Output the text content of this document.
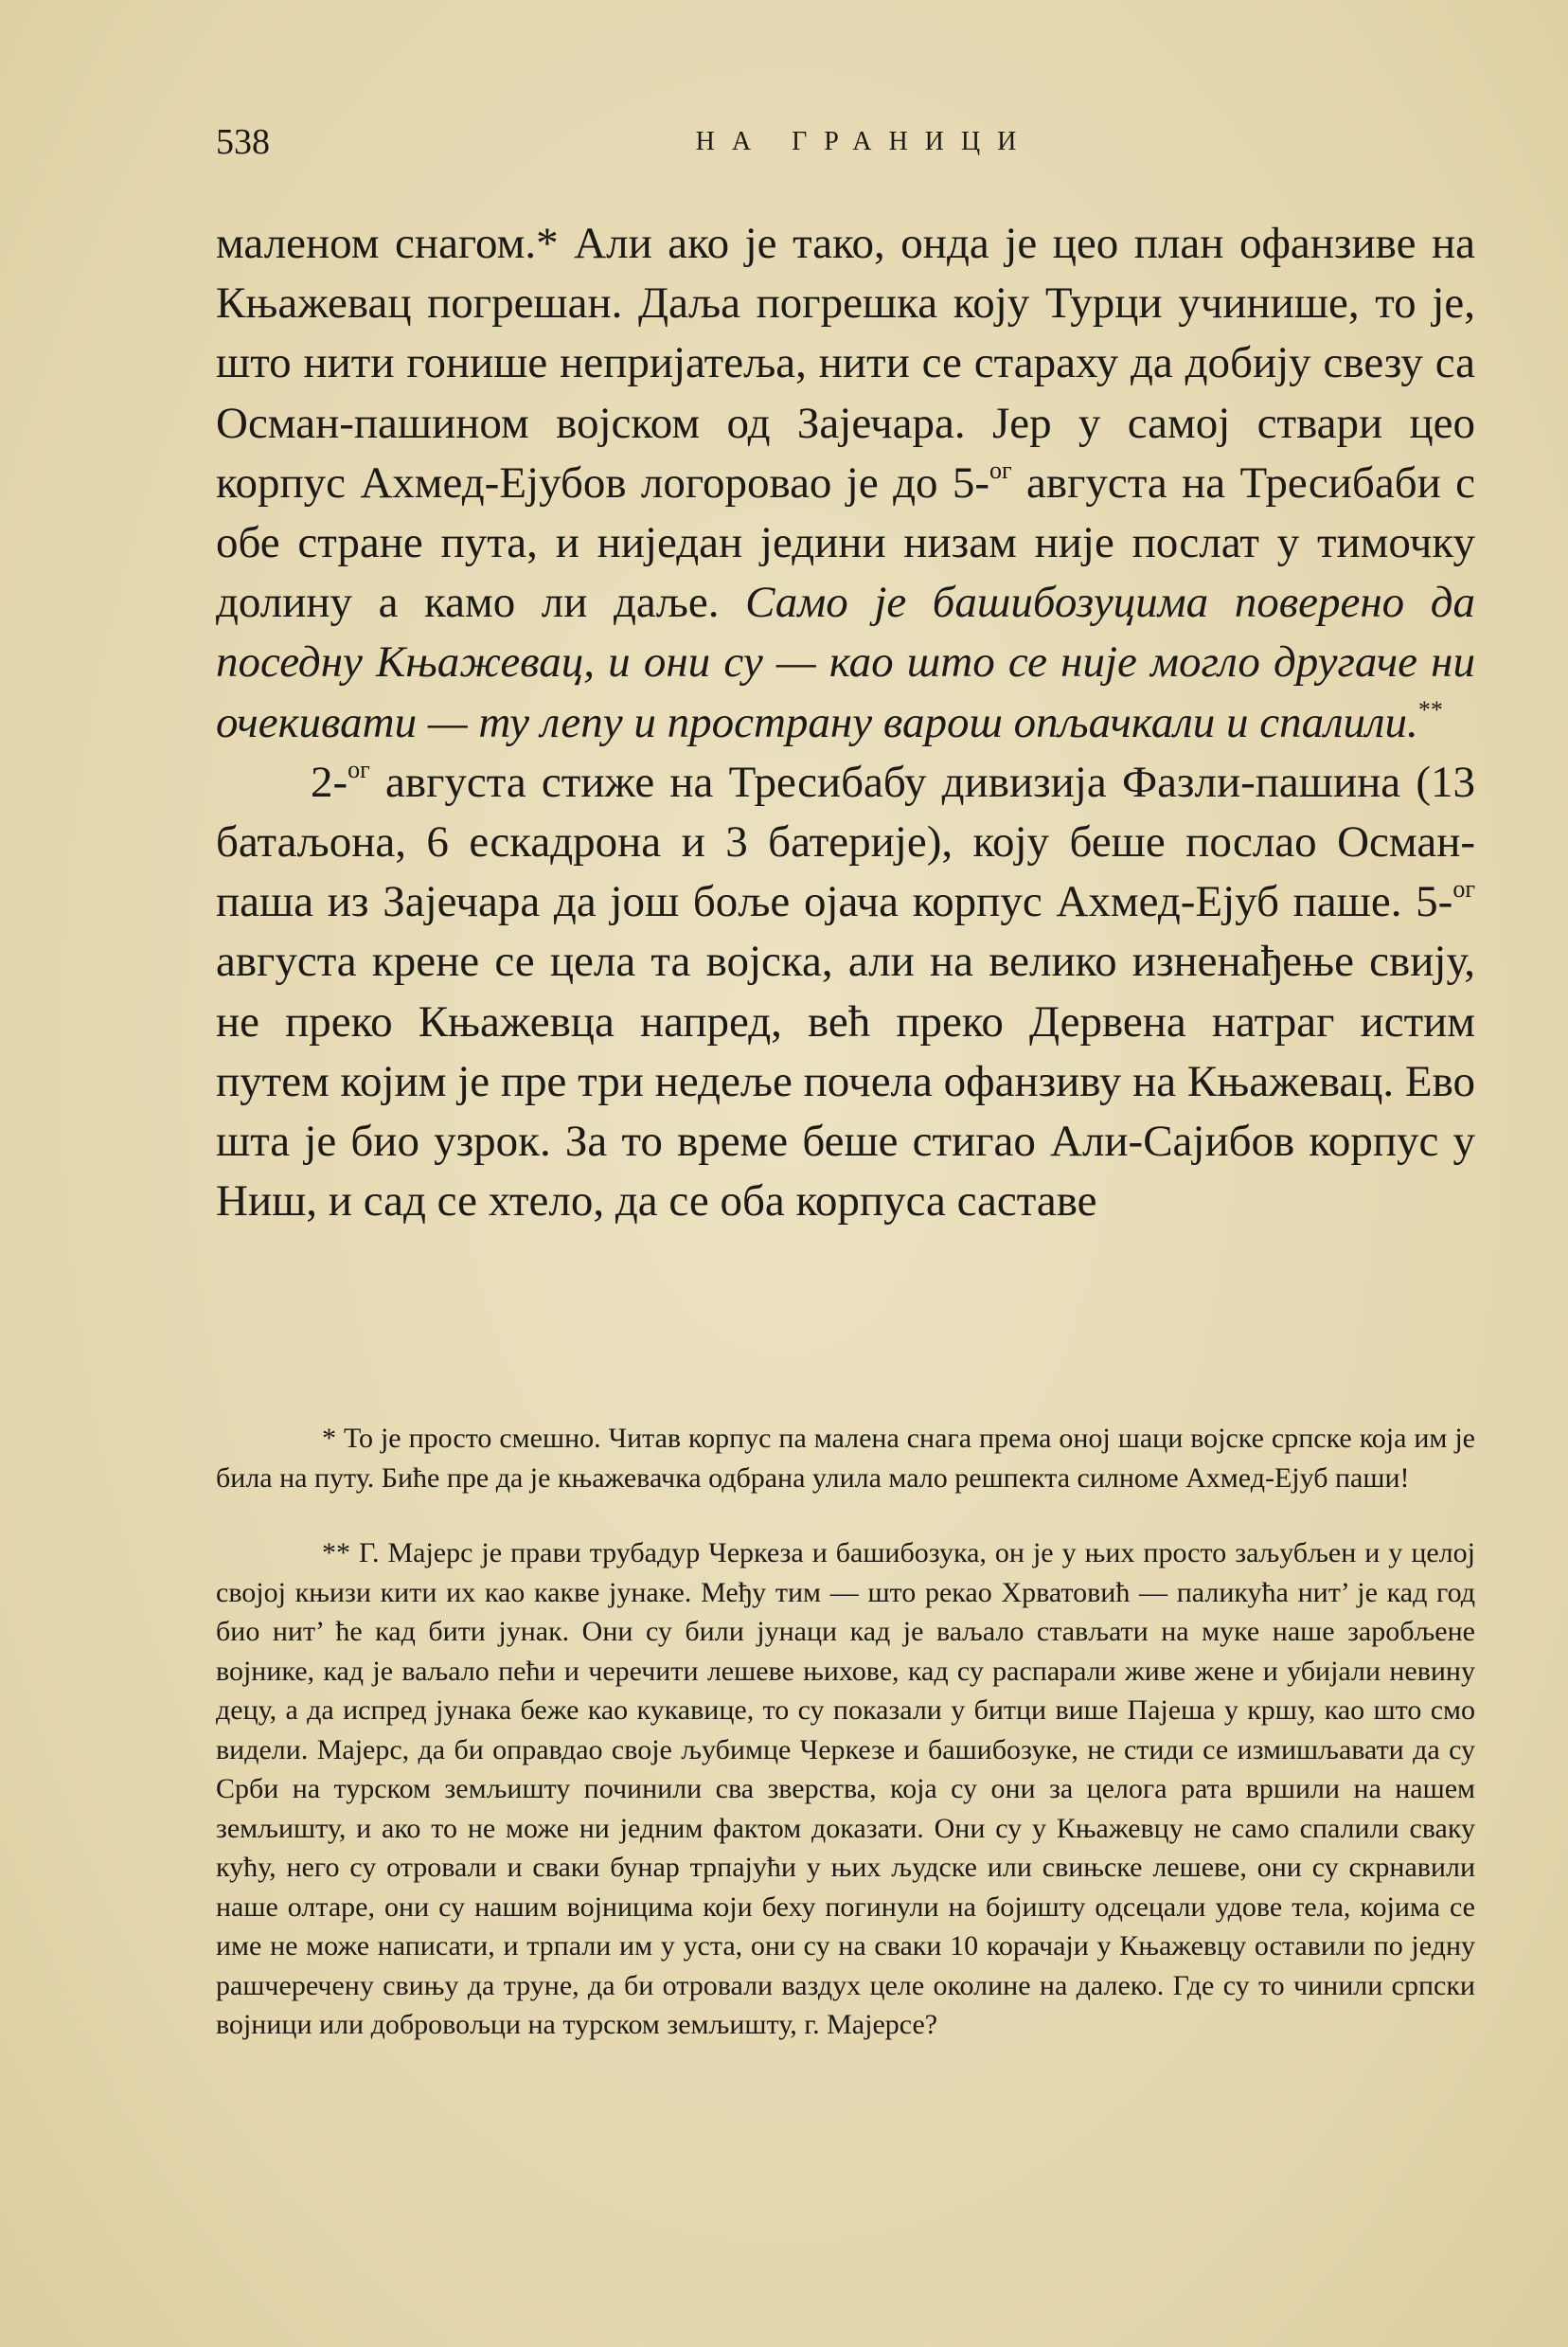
538	НА ГРАНИЦИ

маленом снагом.* Али ако је тако, онда је цео план офанзиве на Књажевац погрешан. Даља погрешка коју Турци учинише, то је, што нити гонише непријатеља, нити се стараху да добију свезу са Осман-пашином војском од Зајечара. Јер у самој ствари цео корпус Ахмед-Ејубов логоровао је до 5-$^{ог}$ августа на Тресибаби с обе стране пута, и ниједан једини низам није послат у тимочку долину а камо ли даље. Само је башибозуцима поверено да поседну Књажевац, и они су — као што се није могло другаче ни очекивати — ту лепу и пространу варош опљачкали и спалили.**

2-$^{ог}$ августа стиже на Тресибабу дивизија Фазли-пашина (13 батаљона, 6 ескадрона и 3 батерије), коју беше послао Осман-паша из Зајечара да још боље ојача корпус Ахмед-Ејуб паше. 5-$^{ог}$ августа крене се цела та војска, али на велико изненађење свију, не преко Књажевца напред, већ преко Дервена натраг истим путем којим је пре три недеље почела офанзиву на Књажевац. Ево шта је био узрок. За то време беше стигао Али-Сајибов корпус у Ниш, и сад се хтело, да се оба корпуса саставе

* То је просто смешно. Читав корпус па малена снага према оној шаци војске српске која им је била на путу. Биће пре да је књажевачка одбрана улила мало решпекта силноме Ахмед-Ејуб паши!

** Г. Мајерс је прави трубадур Черкеза и башибозука, он је у њих просто заљубљен и у целој својој књизи кити их као какве јунаке. Међу тим — што рекао Хрватовић — паликућа нит’ је кад год био нит’ ће кад бити јунак. Они су били јунаци кад је ваљало стављати на муке наше заробљене војнике, кад је ваљало пећи и черечити лешеве њихове, кад су распарали живе жене и убијали невину децу, а да испред јунака беже као кукавице, то су показали у битци више Пајеша у кршу, као што смо видели. Мајерс, да би оправдао своје љубимце Черкезе и башибозуке, не стиди се измишљавати да су Срби на турском земљишту починили сва зверства, која су они за целога рата вршили на нашем земљишту, и ако то не може ни једним фактом доказати. Они су у Књажевцу не само спалили сваку кућу, него су отровали и сваки бунар трпајући у њих људске или свињске лешеве, они су скрнавили наше олтаре, они су нашим војницима који беху погинули на бојишту одсецали удове тела, којима се име не може написати, и трпали им у уста, они су на сваки 10 корачаји у Књажевцу оставили по једну рашчеречену свињу да труне, да би отровали ваздух целе околине на далеко. Где су то чинили српски војници или добровољци на турском земљишту, г. Мајерсе?
